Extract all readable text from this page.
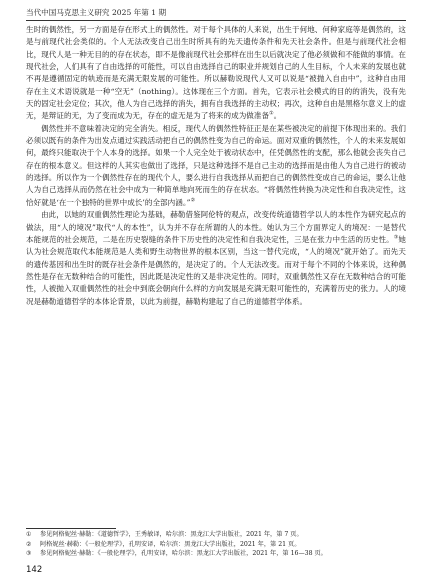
当代中国马克思主义研究 2025 年第 1 期

生时的偶然性，另一方面是存在形式上的偶然性。对于每个具体的人来说，出生于何地、何种家庭等是偶然的，这是与前现代社会类似的。个人无法改变自己出生时所具有的先天遗传条件和先天社会条件。但是与前现代社会相比，现代人是一种无目的的存在状态，即不是像前现代社会那样在出生以后就决定了他必须做和不能做的事情。在现代社会，人们具有了自由选择的可能性，可以自由选择自己的职业并规划自己的人生目标，个人未来的发展也就不再是遵循固定的轨迹而是充满无限发展的可能性。所以赫勒说现代人又可以说是“被抛入自由中”，这种自由用存在主义术语说就是一种“空无”（nothing）。这体现在三个方面。首先，它表示社会模式的目的的消失，没有先天的固定社会定位；其次，他人为自己选择的消失，拥有自我选择的主动权；再次，这种自由是黑格尔意义上的虚无，是辩证的无，为了变而成为无，存在的虚无是为了将来的成为做准备①。

偶然性并不意味着决定的完全消失。相反，现代人的偶然性特征正是在某些被决定的前提下体现出来的。我们必须以既有的条件为出发点通过实践活动把自己的偶然性变为自己的命运。面对双重的偶然性，个人的未来发展如何，最终只能取决于个人本身的选择。如果一个人完全处于被动状态中，任凭偶然性的支配，那么他就会丧失自己存在的根本意义。但这样的人其实也做出了选择，只是这种选择不是自己主动的选择而是由他人为自己进行的被动的选择。所以作为一个偶然性存在的现代个人，要么进行自我选择从而把自己的偶然性变成自己的命运，要么让他人为自己选择从而仍然在社会中成为一种简单地向死而生的存在状态。“将偶然性转换为决定性和自我决定性，这恰好就是‘在一个独特的世界中成长’的全部内涵。”②

由此，以她的双重偶然性理论为基础，赫勒借鉴阿伦特的观点，改变传统道德哲学以人的本性作为研究起点的做法，用“人的境况”取代“人的本性”，认为并不存在所谓的人的本性。她认为三个方面界定人的境况：一是替代本能规范的社会规范，二是在历史裂缝的条件下历史性的决定性和自我决定性，三是在张力中生活的历史性。③她认为社会规范取代本能规范是人类和野生动物世界的根本区别，当这一替代完成，“人的境况”就开始了。而先天的遗传基因和出生时的既存社会条件是偶然的，是决定了的。个人无法改变。而对于每个不同的个体来说，这种偶然性是存在无数种结合的可能性，因此既是决定性的又是非决定性的。同时，双重偶然性又存在无数种结合的可能性，人被抛入双重偶然性的社会中到底会朝向什么样的方向发展是充满无限可能性的，充满着历史的张力。人的境况是赫勒道德哲学的本体论背景，以此为前提，赫勒构建起了自己的道德哲学体系。

① 参见阿格妮丝·赫勒：《道德哲学》，王秀敏译，哈尔滨：黑龙江大学出版社，2021 年，第 7 页。
② 阿格妮丝·赫勒：《一般伦理学》，孔明安译，哈尔滨：黑龙江大学出版社，2021 年，第 21 页。
③ 参见阿格妮丝·赫勒：《一般伦理学》，孔明安译，哈尔滨：黑龙江大学出版社，2021 年，第 16—38 页。
142
